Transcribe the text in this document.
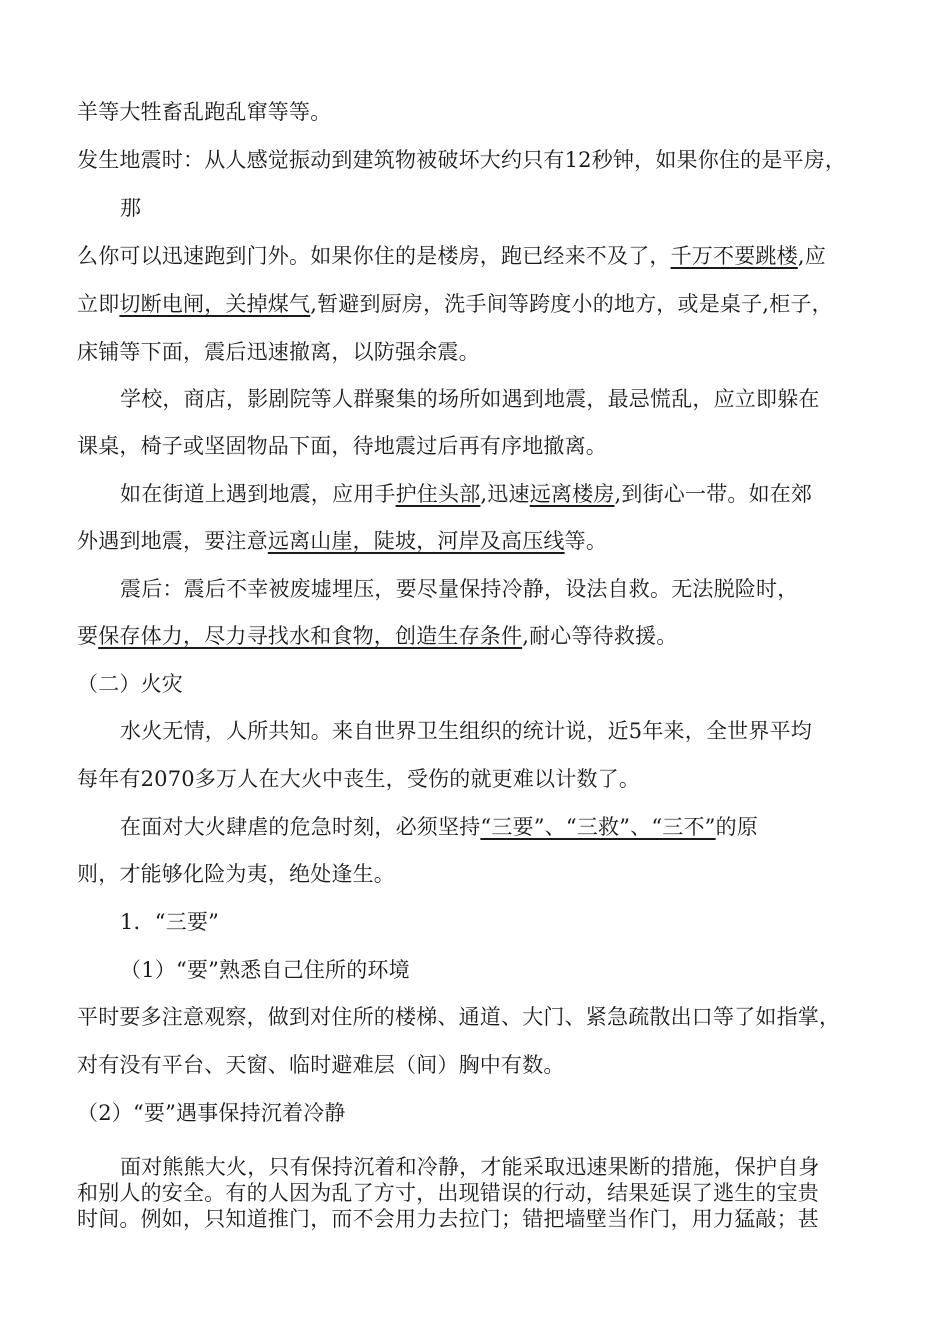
羊等大牲畜乱跑乱窜等等。

发生地震时：从人感觉振动到建筑物被破坏大约只有12秒钟，如果你住的是平房，

那

么你可以迅速跑到门外。如果你住的是楼房，跑已经来不及了，千万不要跳楼,应

立即切断电闸，关掉煤气,暂避到厨房，洗手间等跨度小的地方，或是桌子,柜子，

床铺等下面，震后迅速撤离，以防强余震。

学校，商店，影剧院等人群聚集的场所如遇到地震，最忌慌乱，应立即躲在

课桌，椅子或坚固物品下面，待地震过后再有序地撤离。

如在街道上遇到地震，应用手护住头部,迅速远离楼房,到街心一带。如在郊

外遇到地震，要注意远离山崖，陡坡，河岸及高压线等。

震后：震后不幸被废墟埋压，要尽量保持冷静，设法自救。无法脱险时，

要保存体力，尽力寻找水和食物，创造生存条件,耐心等待救援。

（二）火灾

水火无情，人所共知。来自世界卫生组织的统计说，近5年来，全世界平均

每年有2070多万人在大火中丧生，受伤的就更难以计数了。

在面对大火肆虐的危急时刻，必须坚持“三要”、“三救”、“三不”的原

则，才能够化险为夷，绝处逢生。

1．“三要”

（1）“要”熟悉自己住所的环境

平时要多注意观察，做到对住所的楼梯、通道、大门、紧急疏散出口等了如指掌，

对有没有平台、天窗、临时避难层（间）胸中有数。

（2）“要”遇事保持沉着冷静

面对熊熊大火，只有保持沉着和冷静，才能采取迅速果断的措施，保护自身

和别人的安全。有的人因为乱了方寸，出现错误的行动，结果延误了逃生的宝贵

时间。例如，只知道推门，而不会用力去拉门；错把墙壁当作门，用力猛敲；甚
